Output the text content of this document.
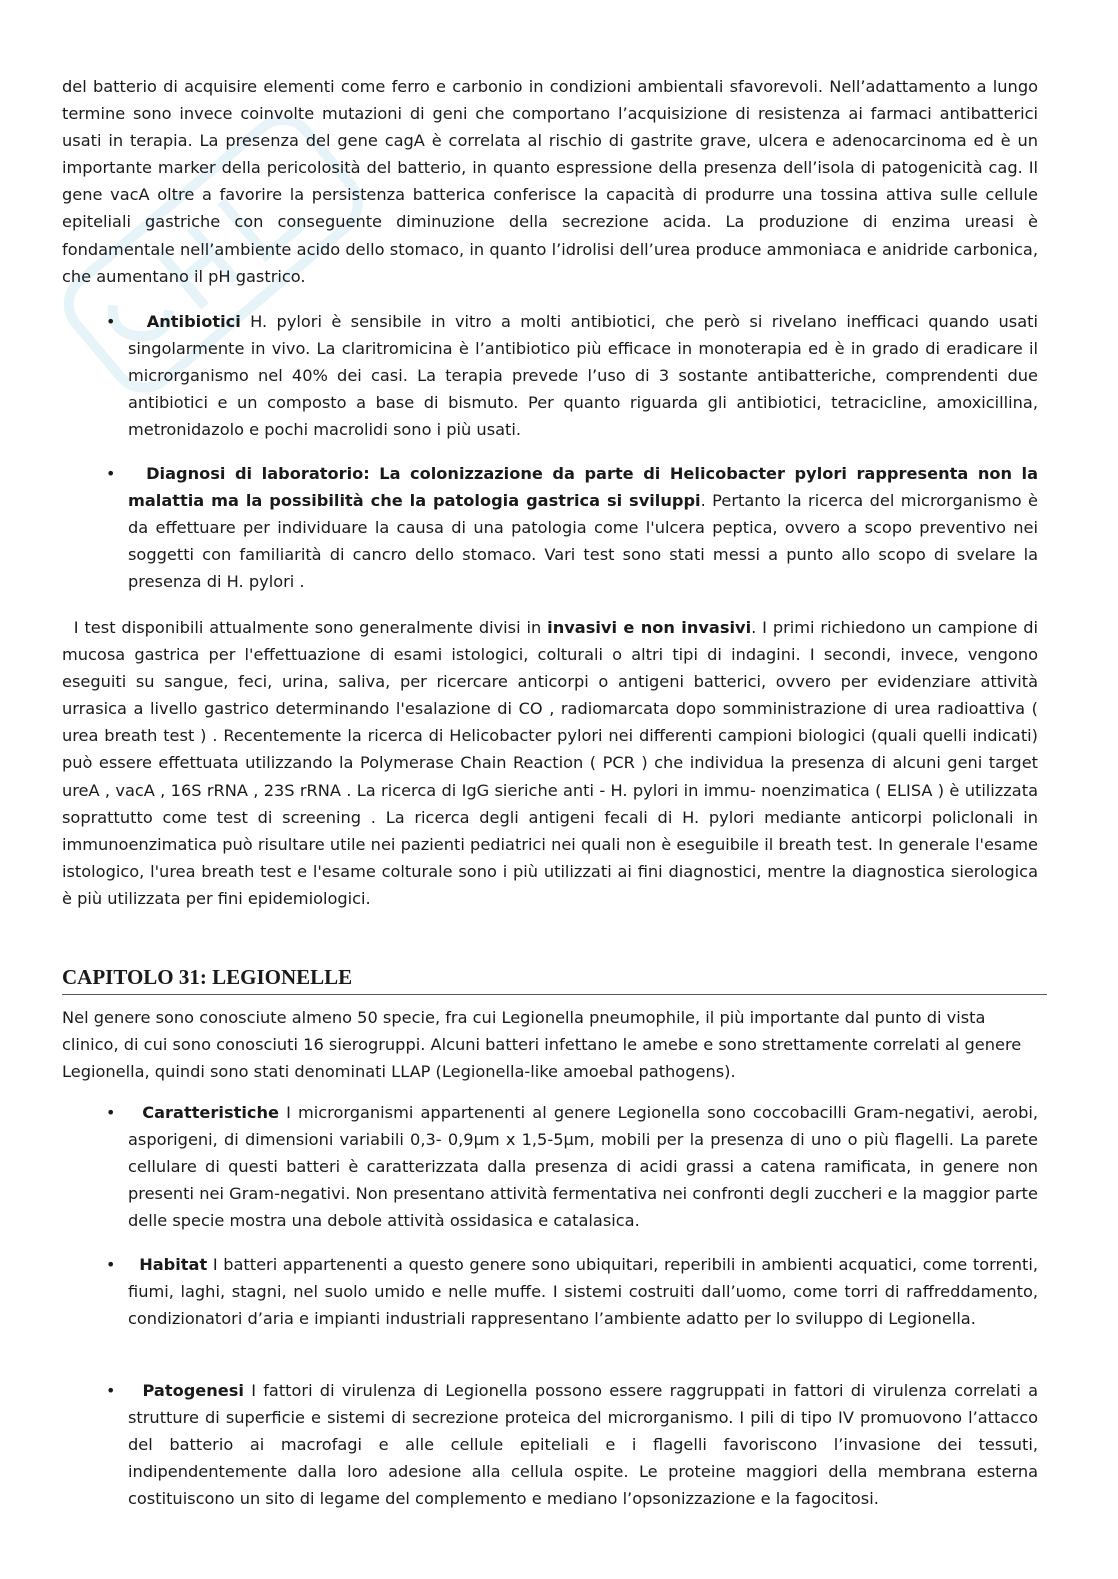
del batterio di acquisire elementi come ferro e carbonio in condizioni ambientali sfavorevoli. Nell’adattamento a lungo termine sono invece coinvolte mutazioni di geni che comportano l’acquisizione di resistenza ai farmaci antibatterici usati in terapia. La presenza del gene cagA è correlata al rischio di gastrite grave, ulcera e adenocarcinoma ed è un importante marker della pericolosità del batterio, in quanto espressione della presenza dell’isola di patogenicità cag. Il gene vacA oltre a favorire la persistenza batterica conferisce la capacità di produrre una tossina attiva sulle cellule epiteliali gastriche con conseguente diminuzione della secrezione acida. La produzione di enzima ureasi è fondamentale nell’ambiente acido dello stomaco, in quanto l’idrolisi dell’urea produce ammoniaca e anidride carbonica, che aumentano il pH gastrico.

•	Antibiotici H. pylori è sensibile in vitro a molti antibiotici, che però si rivelano inefficaci quando usati singolarmente in vivo. La claritromicina è l’antibiotico più efficace in monoterapia ed è in grado di eradicare il microrganismo nel 40% dei casi. La terapia prevede l’uso di 3 sostante antibatteriche, comprendenti due antibiotici e un composto a base di bismuto. Per quanto riguarda gli antibiotici, tetracicline, amoxicillina, metronidazolo e pochi macrolidi sono i più usati.
•	Diagnosi di laboratorio: La colonizzazione da parte di Helicobacter pylori rappresenta non la malattia ma la possibilità che la patologia gastrica si sviluppi. Pertanto la ricerca del microrganismo è da effettuare per individuare la causa di una patologia come l'ulcera peptica, ovvero a scopo preventivo nei soggetti con familiarità di cancro dello stomaco. Vari test sono stati messi a punto allo scopo di svelare la presenza di H. pylori .

I test disponibili attualmente sono generalmente divisi in invasivi e non invasivi. I primi richiedono un campione di mucosa gastrica per l'effettuazione di esami istologici, colturali o altri tipi di indagini. I secondi, invece, vengono eseguiti su sangue, feci, urina, saliva, per ricercare anticorpi o antigeni batterici, ovvero per evidenziare attività urrasica a livello gastrico determinando l'esalazione di CO , radiomarcata dopo somministrazione di urea radioattiva ( urea breath test ) . Recentemente la ricerca di Helicobacter pylori nei differenti campioni biologici (quali quelli indicati) può essere effettuata utilizzando la Polymerase Chain Reaction ( PCR ) che individua la presenza di alcuni geni target ureA , vacA , 16S rRNA , 23S rRNA . La ricerca di IgG sieriche anti - H. pylori in immu- noenzimatica ( ELISA ) è utilizzata soprattutto come test di screening . La ricerca degli antigeni fecali di H. pylori mediante anticorpi policlonali in immunoenzimatica può risultare utile nei pazienti pediatrici nei quali non è eseguibile il breath test. In generale l'esame istologico, l'urea breath test e l'esame colturale sono i più utilizzati ai fini diagnostici, mentre la diagnostica sierologica è più utilizzata per fini epidemiologici.

CAPITOLO 31: LEGIONELLE

Nel genere sono conosciute almeno 50 specie, fra cui Legionella pneumophile, il più importante dal punto di vista clinico, di cui sono conosciuti 16 sierogruppi. Alcuni batteri infettano le amebe e sono strettamente correlati al genere Legionella, quindi sono stati denominati LLAP (Legionella-like amoebal pathogens).

•	Caratteristiche I microrganismi appartenenti al genere Legionella sono coccobacilli Gram-negativi, aerobi, asporigeni, di dimensioni variabili 0,3- 0,9µm x 1,5-5µm, mobili per la presenza di uno o più flagelli. La parete cellulare di questi batteri è caratterizzata dalla presenza di acidi grassi a catena ramificata, in genere non presenti nei Gram-negativi. Non presentano attività fermentativa nei confronti degli zuccheri e la maggior parte delle specie mostra una debole attività ossidasica e catalasica.
•	Habitat I batteri appartenenti a questo genere sono ubiquitari, reperibili in ambienti acquatici, come torrenti, fiumi, laghi, stagni, nel suolo umido e nelle muffe. I sistemi costruiti dall’uomo, come torri di raffreddamento, condizionatori d’aria e impianti industriali rappresentano l’ambiente adatto per lo sviluppo di Legionella.
•	Patogenesi I fattori di virulenza di Legionella possono essere raggruppati in fattori di virulenza correlati a strutture di superficie e sistemi di secrezione proteica del microrganismo. I pili di tipo IV promuovono l’attacco del batterio ai macrofagi e alle cellule epiteliali e i flagelli favoriscono l’invasione dei tessuti, indipendentemente dalla loro adesione alla cellula ospite. Le proteine maggiori della membrana esterna costituiscono un sito di legame del complemento e mediano l’opsonizzazione e la fagocitosi.
